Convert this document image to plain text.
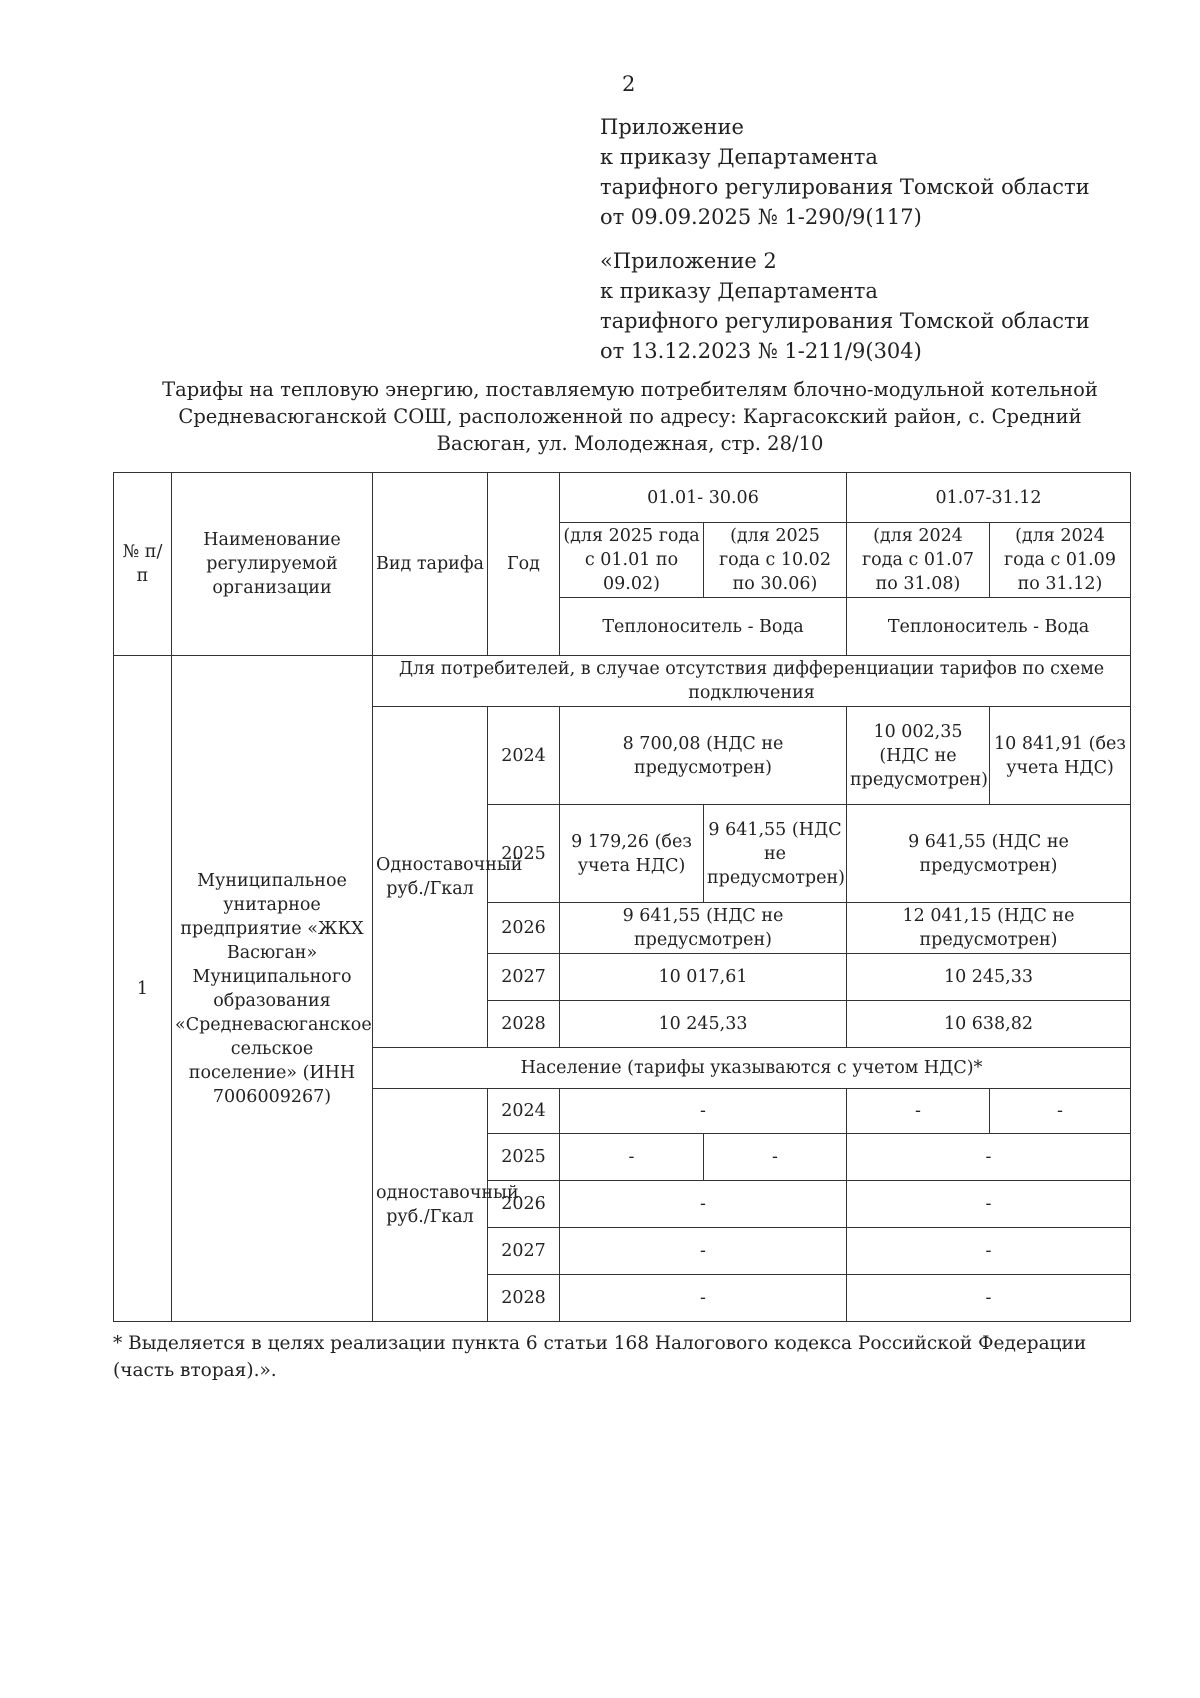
2
Приложение
к приказу Департамента
тарифного регулирования Томской области
от 09.09.2025 № 1-290/9(117)
«Приложение 2
к приказу Департамента
тарифного регулирования Томской области
от 13.12.2023 № 1-211/9(304)
Тарифы на тепловую энергию, поставляемую потребителям блочно-модульной котельной
Средневасюганской СОШ, расположенной по адресу: Каргасокский район, с. Средний
Васюган, ул. Молодежная, стр. 28/10
№ п/п	Наименование регулируемой организации	Вид тарифа	Год	01.01- 30.06		01.07-31.12	
				(для 2025 года с 01.01 по 09.02)	(для 2025 года с 10.02 по 30.06)	(для 2024 года с 01.07 по 31.08)	(для 2024 года с 01.09 по 31.12)
				Теплоноситель - Вода		Теплоноситель - Вода	
1	Муниципальное унитарное предприятие «ЖКХ Васюган» Муниципального образования «Средневасюганское сельское поселение» (ИНН 7006009267)	Для потребителей, в случае отсутствия дифференциации тарифов по схеме подключения					
		Одноставочный руб./Гкал	2024	8 700,08 (НДС не предусмотрен)		10 002,35 (НДС не предусмотрен)	10 841,91 (без учета НДС)
			2025	9 179,26 (без учета НДС)	9 641,55 (НДС не предусмотрен)	9 641,55 (НДС не предусмотрен)	
			2026	9 641,55 (НДС не предусмотрен)		12 041,15 (НДС не предусмотрен)	
			2027	10 017,61		10 245,33	
			2028	10 245,33		10 638,82	
		Население (тарифы указываются с учетом НДС)*					
		одноставочный руб./Гкал	2024	-		-	-
			2025	-	-	-	
			2026	-		-	
			2027	-		-	
			2028	-		-	
* Выделяется в целях реализации пункта 6 статьи 168 Налогового кодекса Российской Федерации (часть вторая).».
